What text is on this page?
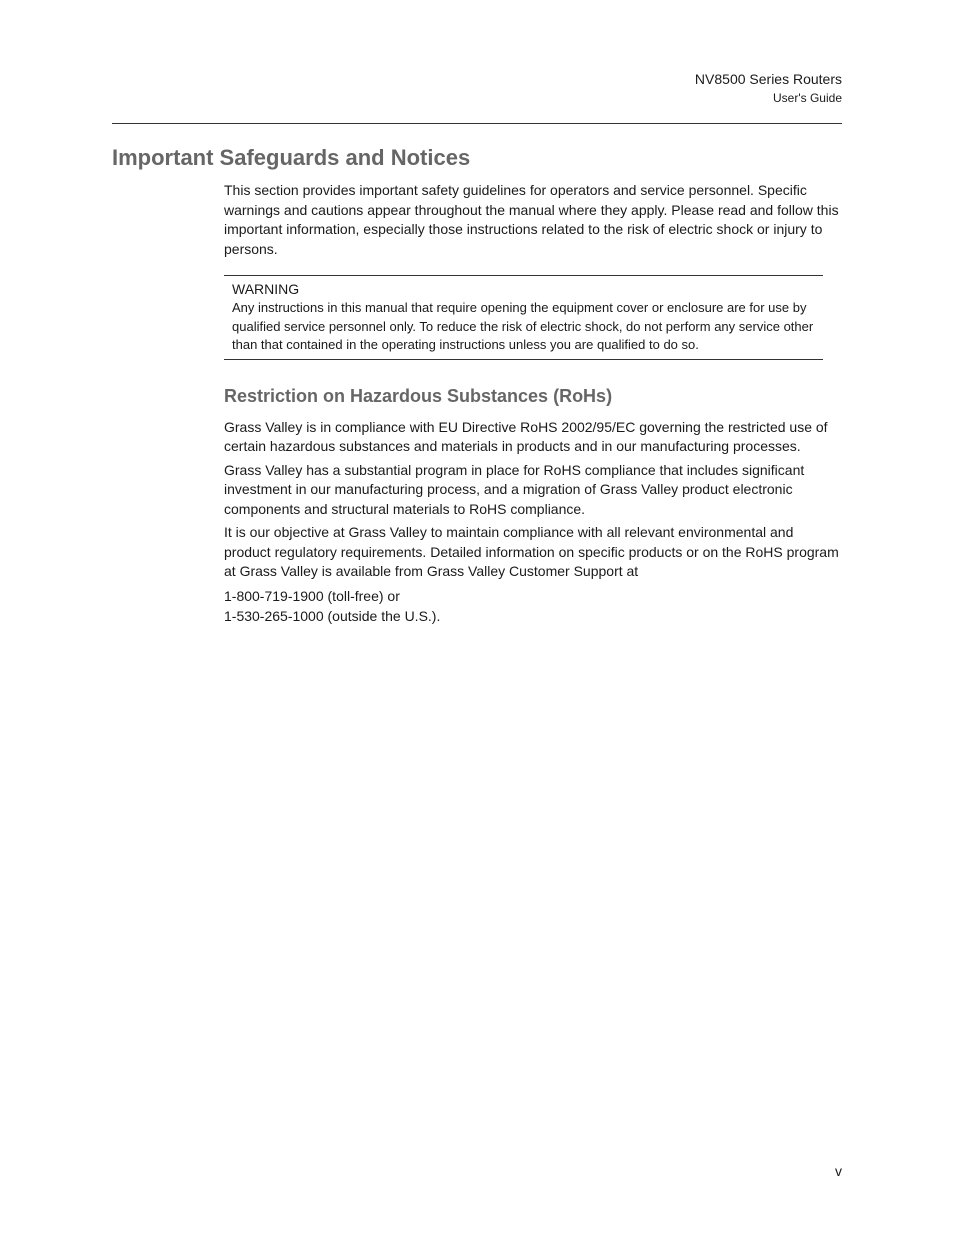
NV8500 Series Routers
User's Guide
Important Safeguards and Notices

This section provides important safety guidelines for operators and service personnel. Specific warnings and cautions appear throughout the manual where they apply. Please read and follow this important information, especially those instructions related to the risk of electric shock or injury to persons.

WARNING

Any instructions in this manual that require opening the equipment cover or enclosure are for use by qualified service personnel only. To reduce the risk of electric shock, do not perform any service other than that contained in the operating instructions unless you are qualified to do so.

Restriction on Hazardous Substances (RoHs)

Grass Valley is in compliance with EU Directive RoHS 2002/95/EC governing the restricted use of certain hazardous substances and materials in products and in our manufacturing processes.

Grass Valley has a substantial program in place for RoHS compliance that includes significant investment in our manufacturing process, and a migration of Grass Valley product electronic components and structural materials to RoHS compliance.

It is our objective at Grass Valley to maintain compliance with all relevant environmental and product regulatory requirements. Detailed information on specific products or on the RoHS program at Grass Valley is available from Grass Valley Customer Support at

1-800-719-1900 (toll-free) or
1-530-265-1000 (outside the U.S.).
v
